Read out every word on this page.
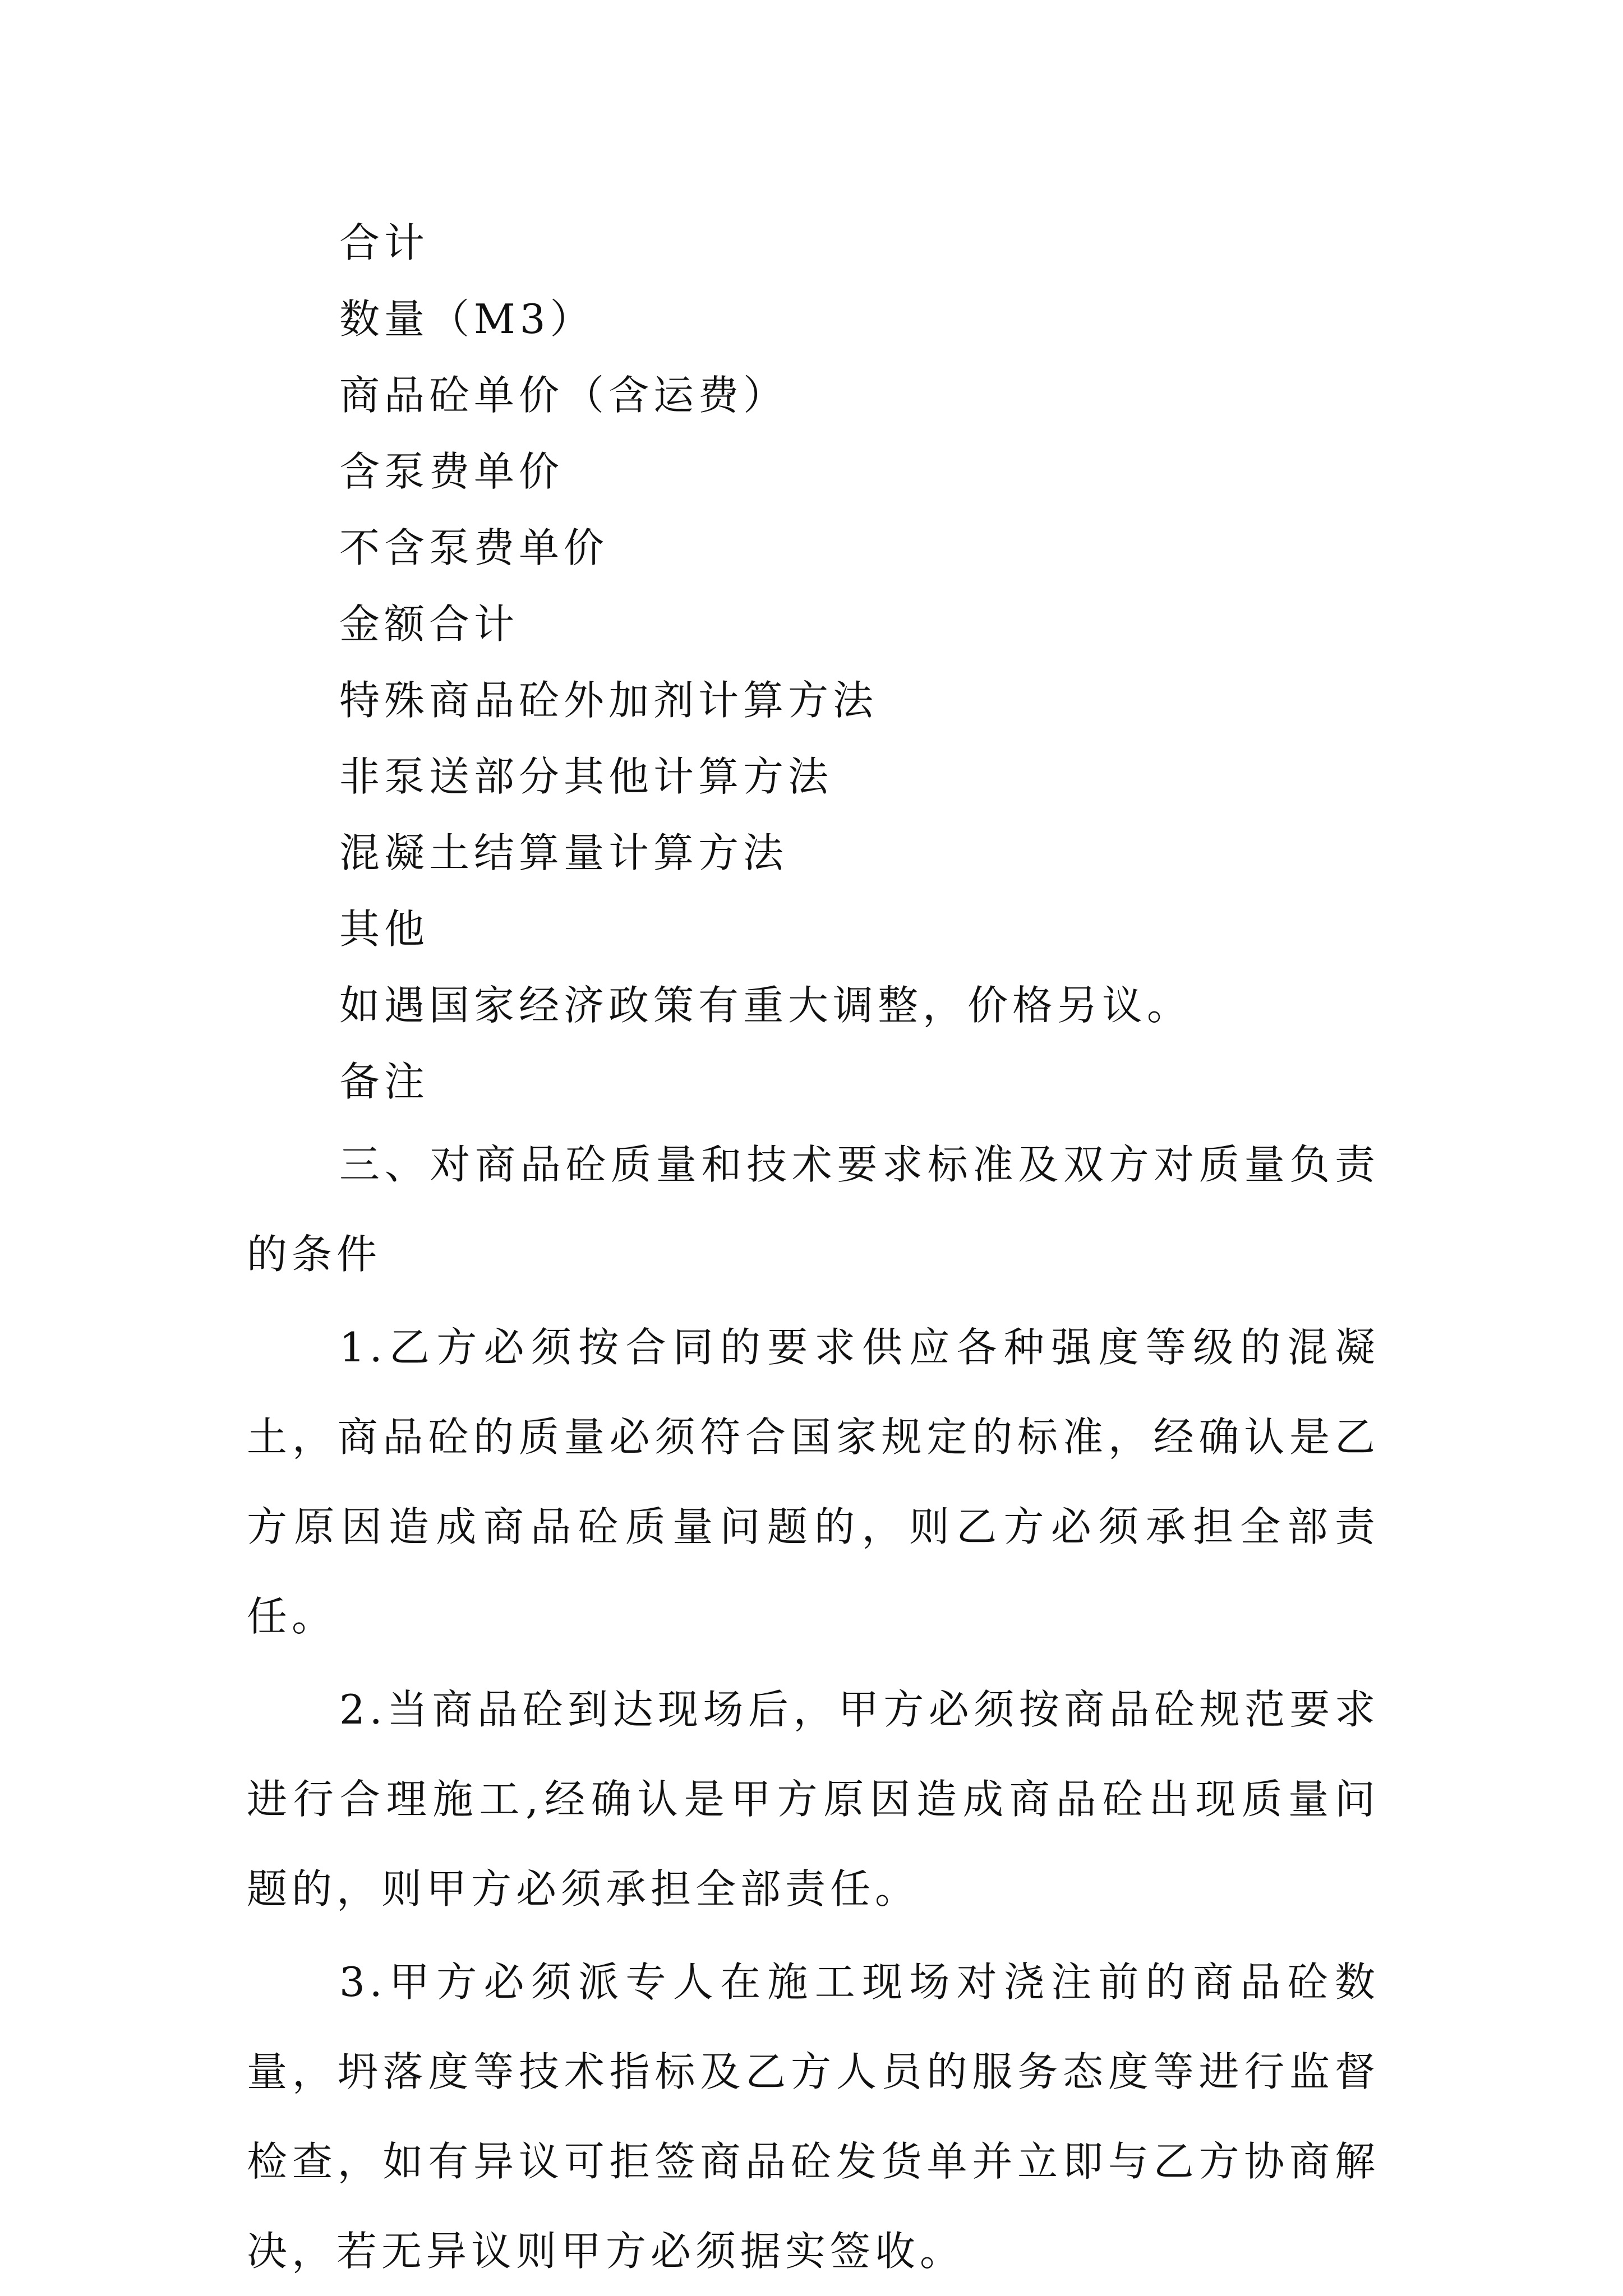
合计
数量（M3）
商品砼单价（含运费）
含泵费单价
不含泵费单价
金额合计
特殊商品砼外加剂计算方法
非泵送部分其他计算方法
混凝土结算量计算方法
其他
如遇国家经济政策有重大调整，价格另议。
备注

三、对商品砼质量和技术要求标准及双方对质量负责的条件

1.乙方必须按合同的要求供应各种强度等级的混凝土，商品砼的质量必须符合国家规定的标准，经确认是乙方原因造成商品砼质量问题的，则乙方必须承担全部责任。

2.当商品砼到达现场后，甲方必须按商品砼规范要求进行合理施工,经确认是甲方原因造成商品砼出现质量问题的，则甲方必须承担全部责任。

3.甲方必须派专人在施工现场对浇注前的商品砼数量，坍落度等技术指标及乙方人员的服务态度等进行监督检查，如有异议可拒签商品砼发货单并立即与乙方协商解决，若无异议则甲方必须据实签收。
